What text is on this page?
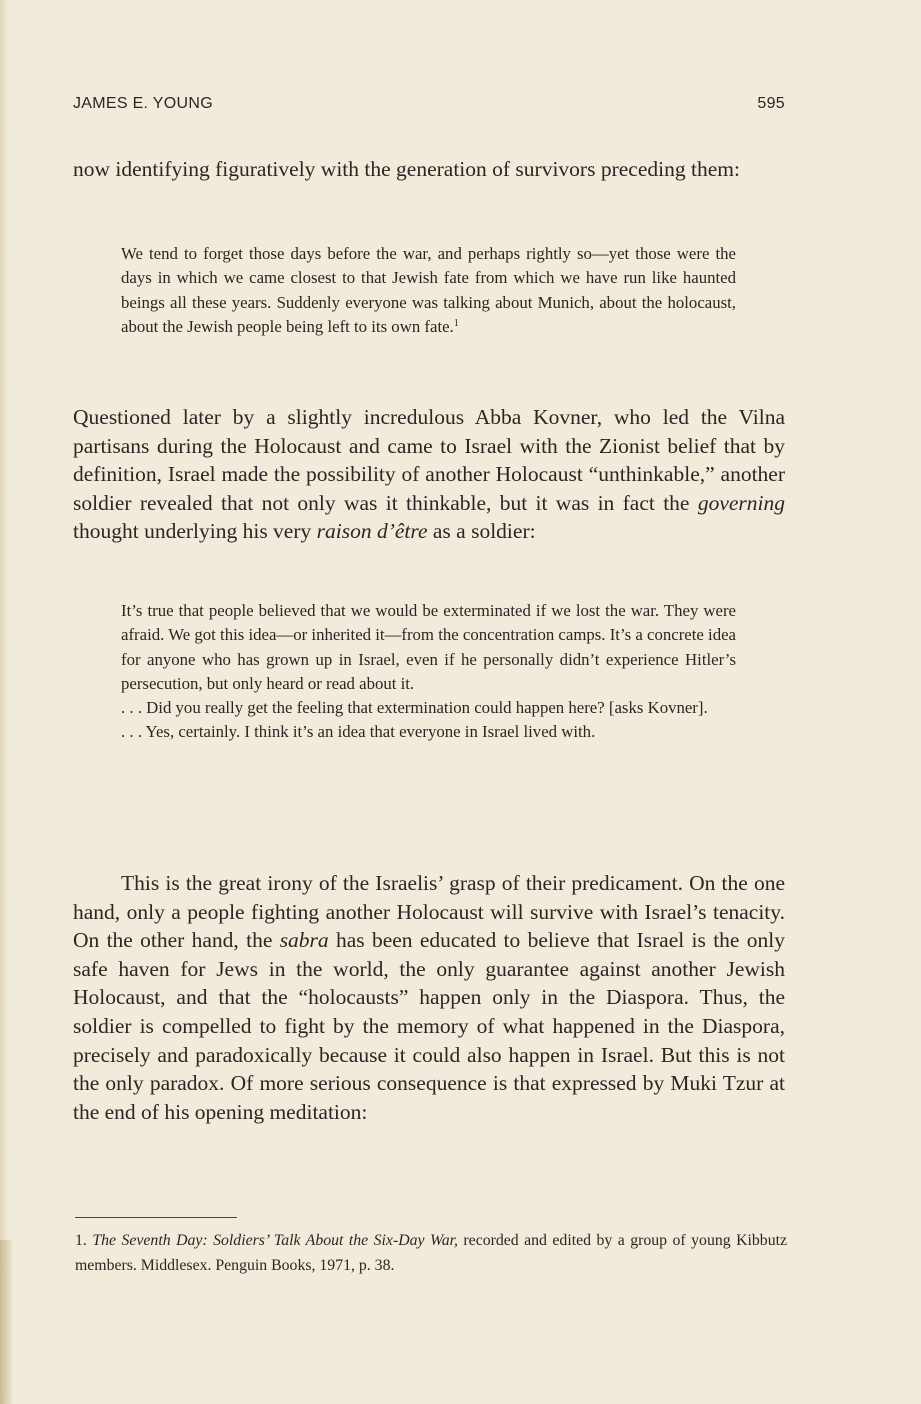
JAMES E. YOUNG	595

now identifying figuratively with the generation of survivors preceding them:

We tend to forget those days before the war, and perhaps rightly so—yet those were the days in which we came closest to that Jewish fate from which we have run like haunted beings all these years. Suddenly everyone was talking about Munich, about the holocaust, about the Jewish people being left to its own fate.$^1$

Questioned later by a slightly incredulous Abba Kovner, who led the Vilna partisans during the Holocaust and came to Israel with the Zionist belief that by definition, Israel made the possibility of another Holocaust “unthinkable,” another soldier revealed that not only was it thinkable, but it was in fact the governing thought underlying his very raison d’être as a soldier:

It’s true that people believed that we would be exterminated if we lost the war. They were afraid. We got this idea—or inherited it—from the concentration camps. It’s a concrete idea for anyone who has grown up in Israel, even if he personally didn’t experience Hitler’s persecution, but only heard or read about it.

. . . Did you really get the feeling that extermination could happen here? [asks Kovner].

. . . Yes, certainly. I think it’s an idea that everyone in Israel lived with.

This is the great irony of the Israelis’ grasp of their predicament. On the one hand, only a people fighting another Holocaust will survive with Israel’s tenacity. On the other hand, the sabra has been educated to believe that Israel is the only safe haven for Jews in the world, the only guarantee against another Jewish Holocaust, and that the “holocausts” happen only in the Diaspora. Thus, the soldier is compelled to fight by the memory of what happened in the Diaspora, precisely and paradoxically because it could also happen in Israel. But this is not the only paradox. Of more serious consequence is that expressed by Muki Tzur at the end of his opening meditation:

1. The Seventh Day: Soldiers’ Talk About the Six-Day War, recorded and edited by a group of young Kibbutz members. Middlesex. Penguin Books, 1971, p. 38.
